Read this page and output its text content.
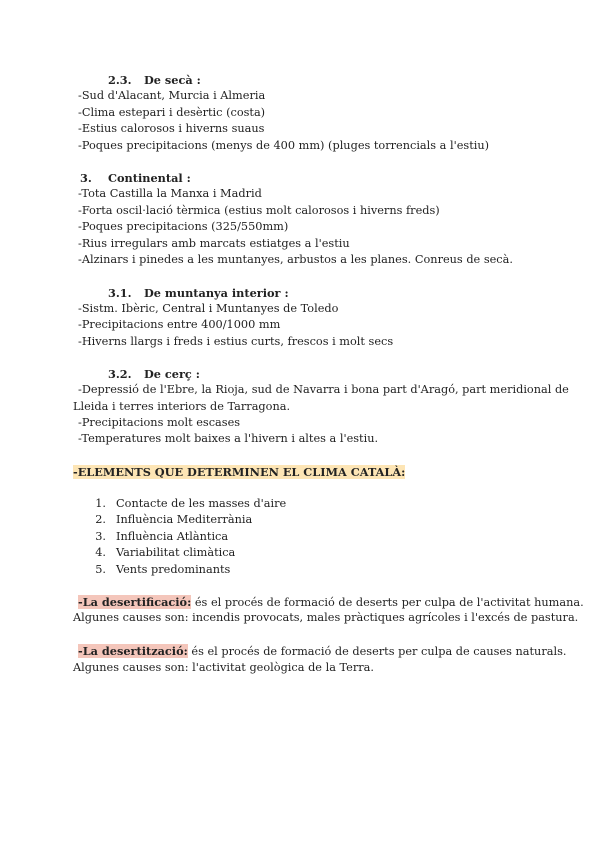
2.3. De secà :
-Sud d'Alacant, Murcia i Almeria
-Clima estepari i desèrtic (costa)
-Estius calorosos i hiverns suaus
-Poques precipitacions (menys de 400 mm) (pluges torrencials a l'estiu)
3. Continental :
-Tota Castilla la Manxa i Madrid
-Forta oscil·lació tèrmica (estius molt calorosos i hiverns freds)
-Poques precipitacions (325/550mm)
-Rius irregulars amb marcats estiatges a l'estiu
-Alzinars i pinedes a les muntanyes, arbustos a les planes. Conreus de secà.
3.1. De muntanya interior :
-Sistm. Ibèric, Central i Muntanyes de Toledo
-Precipitacions entre 400/1000 mm
-Hiverns llargs i freds i estius curts, frescos i molt secs
3.2. De cerç :
-Depressió de l'Ebre, la Rioja, sud de Navarra i bona part d'Aragó, part meridional de
Lleida i terres interiors de Tarragona.
-Precipitacions molt escases
-Temperatures molt baixes a l'hivern i altes a l'estiu.
-ELEMENTS QUE DETERMINEN EL CLIMA CATALÀ:
1. Contacte de les masses d'aire
2. Influència Mediterrània
3. Influència Atlàntica
4. Variabilitat climàtica
5. Vents predominants
-La desertificació: és el procés de formació de deserts per culpa de l'activitat humana.
Algunes causes son: incendis provocats, males pràctiques agrícoles i l'excés de pastura.
-La desertització: és el procés de formació de deserts per culpa de causes naturals.
Algunes causes son: l'activitat geològica de la Terra.
